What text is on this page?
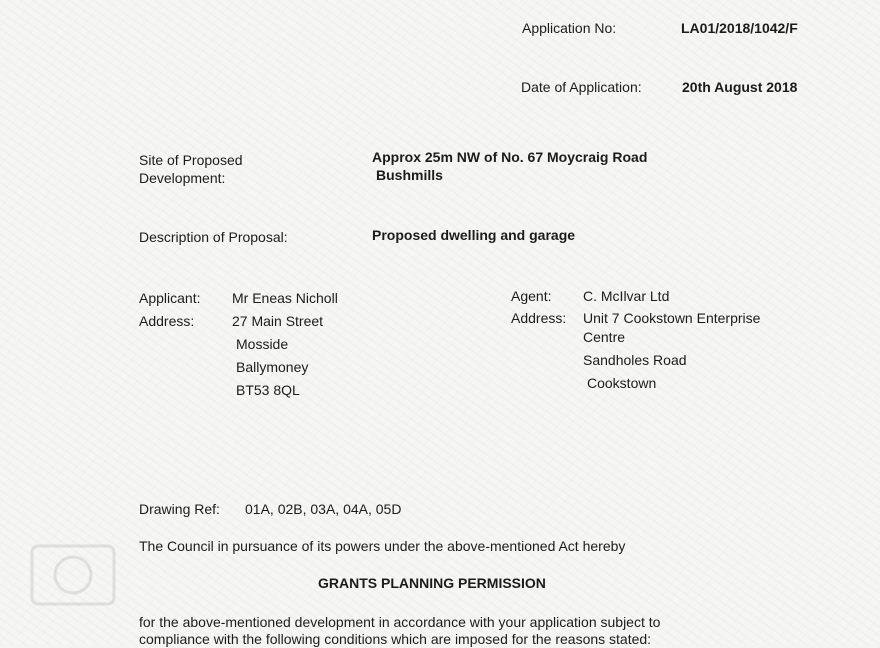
Application No:	LA01/2018/1042/F
Date of Application:	20th August 2018
Site of Proposed
Development:
Approx 25m NW of No. 67 Moycraig Road
Bushmills
Description of Proposal:	Proposed dwelling and garage
Applicant: Mr Eneas Nicholl
Address:	27 Main Street
Mosside
Ballymoney
BT53 8QL
Agent: C. McIlvar Ltd
Address: Unit 7 Cookstown Enterprise
Centre
Sandholes Road
Cookstown
Drawing Ref: 01A, 02B, 03A, 04A, 05D
The Council in pursuance of its powers under the above-mentioned Act hereby
GRANTS PLANNING PERMISSION
for the above-mentioned development in accordance with your application subject to
compliance with the following conditions which are imposed for the reasons stated:
